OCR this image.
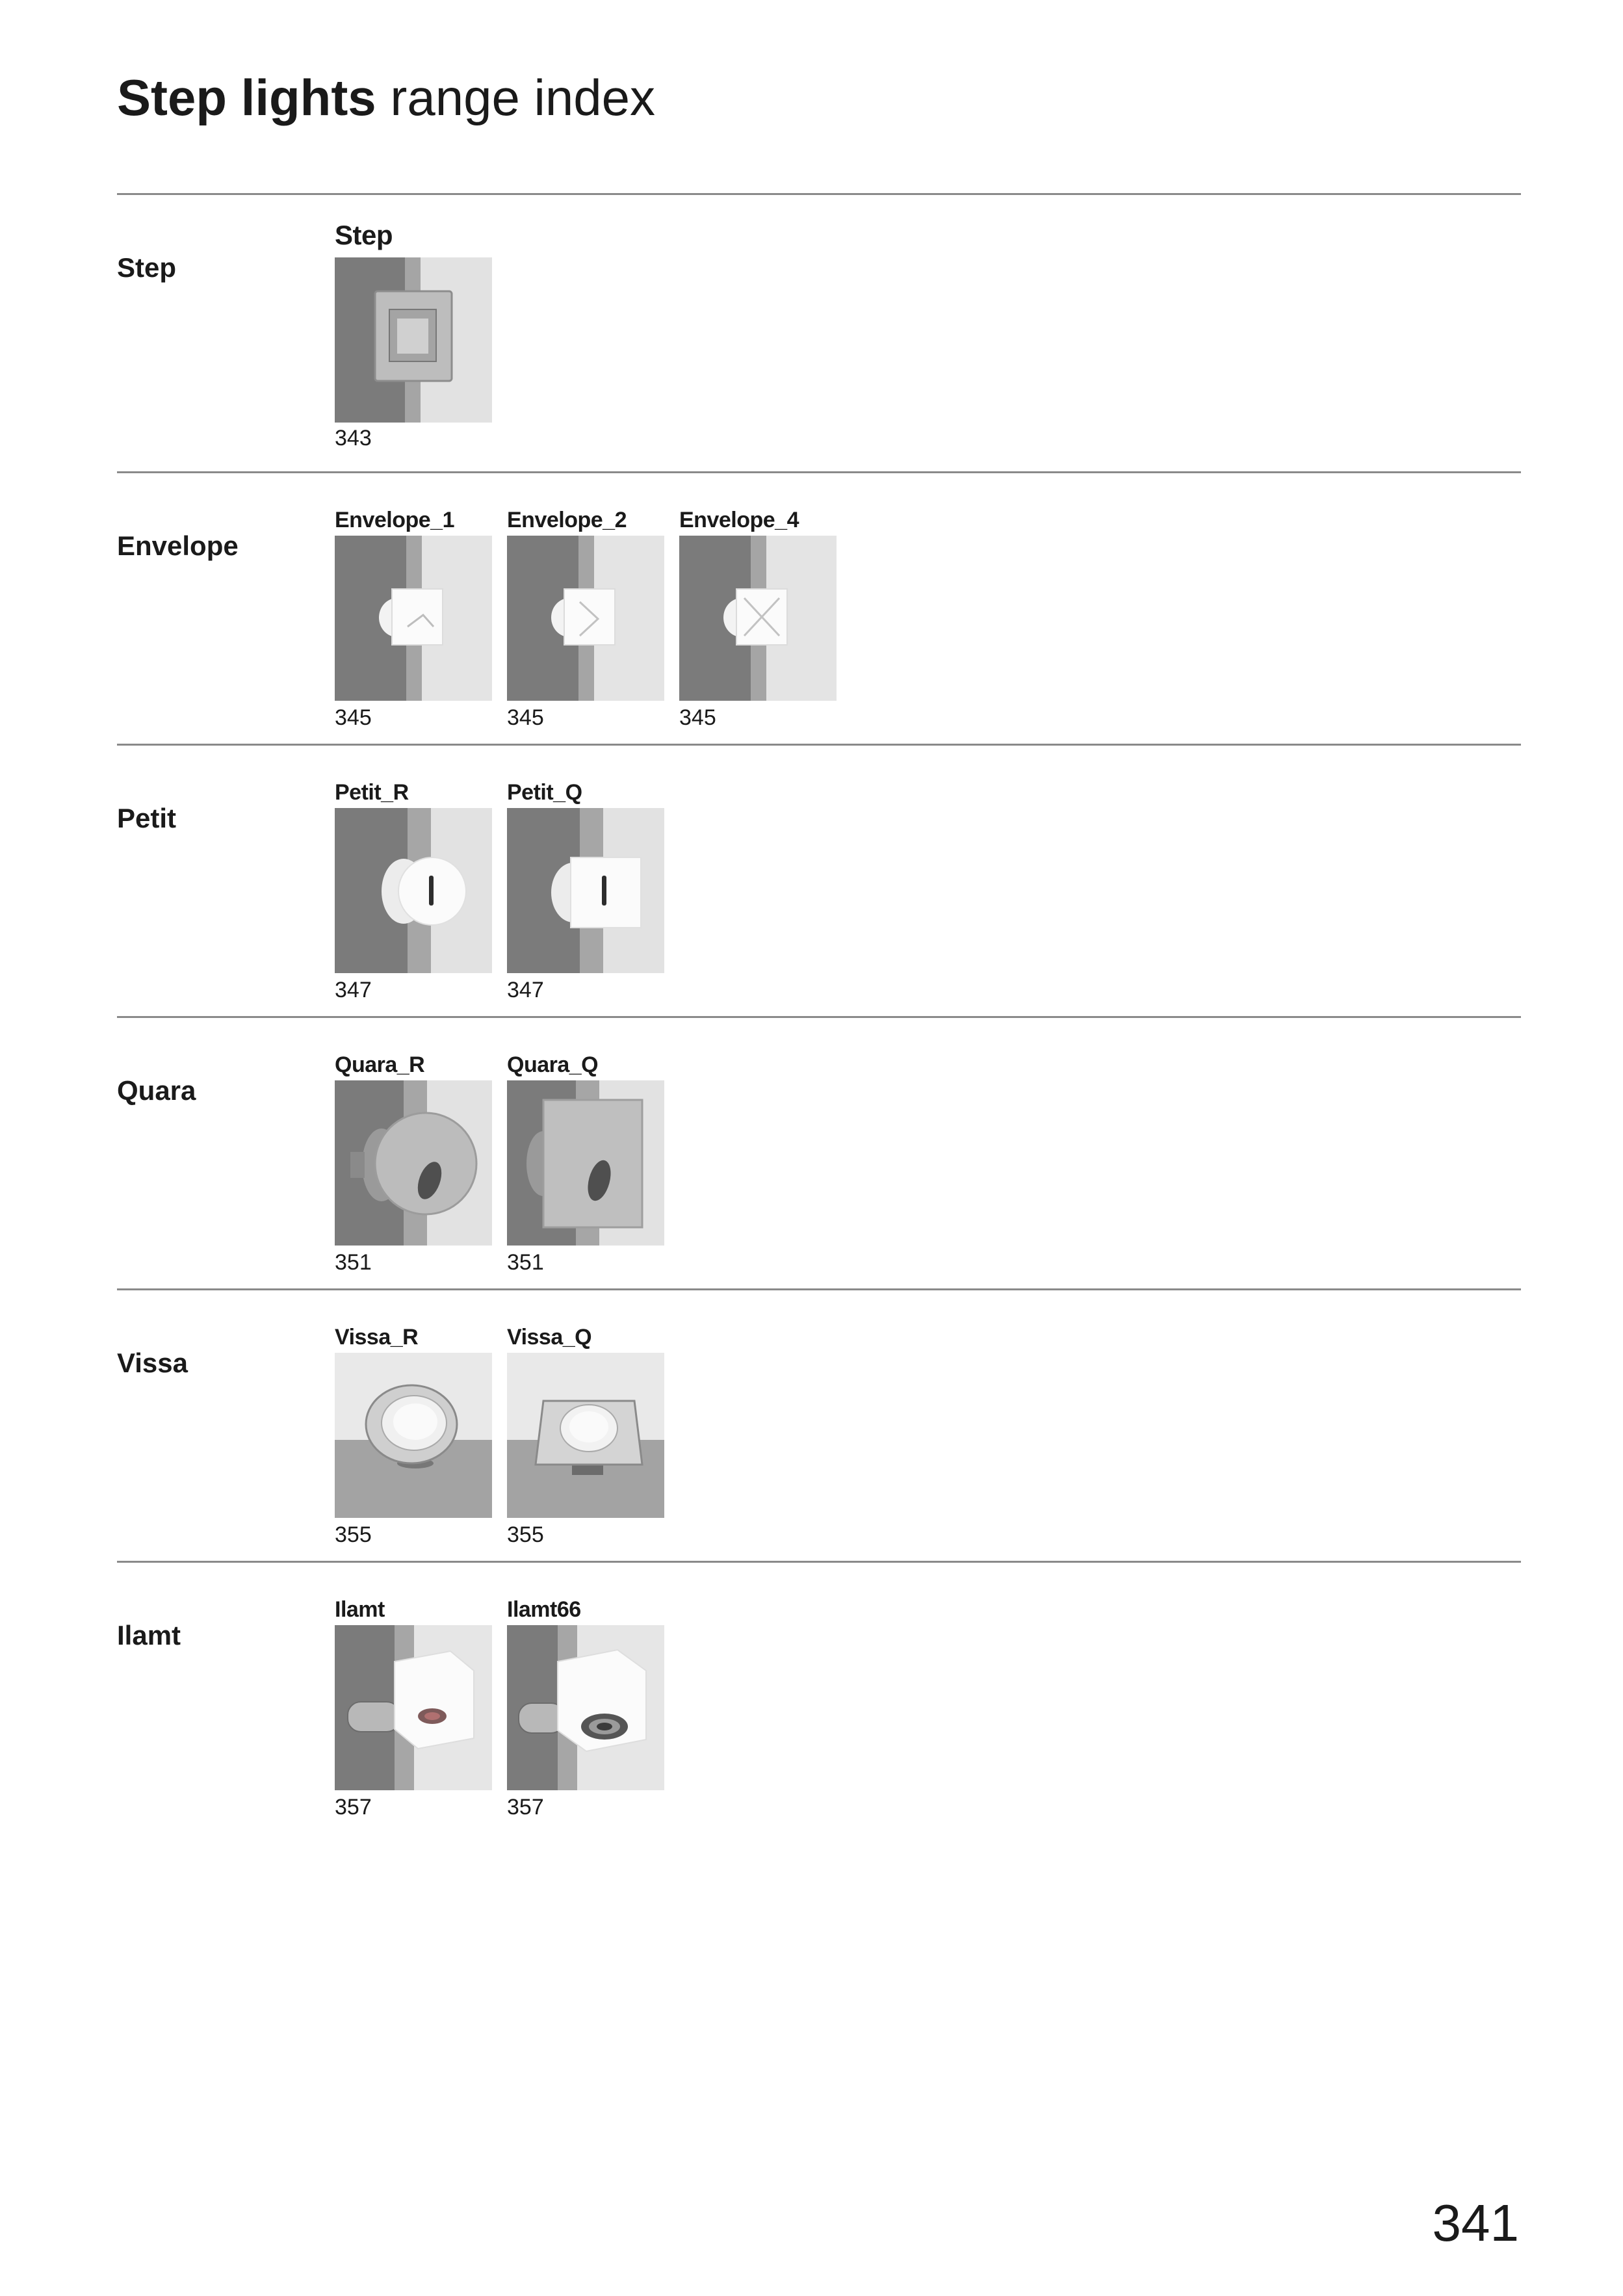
Step lights range index
Step
Step
343
Envelope
Envelope_1
345
Envelope_2
345
Envelope_4
345
Petit
Petit_R
347
Petit_Q
347
Quara
Quara_R
351
Quara_Q
351
Vissa
Vissa_R
355
Vissa_Q
355
Ilamt
Ilamt
357
Ilamt66
357
341
